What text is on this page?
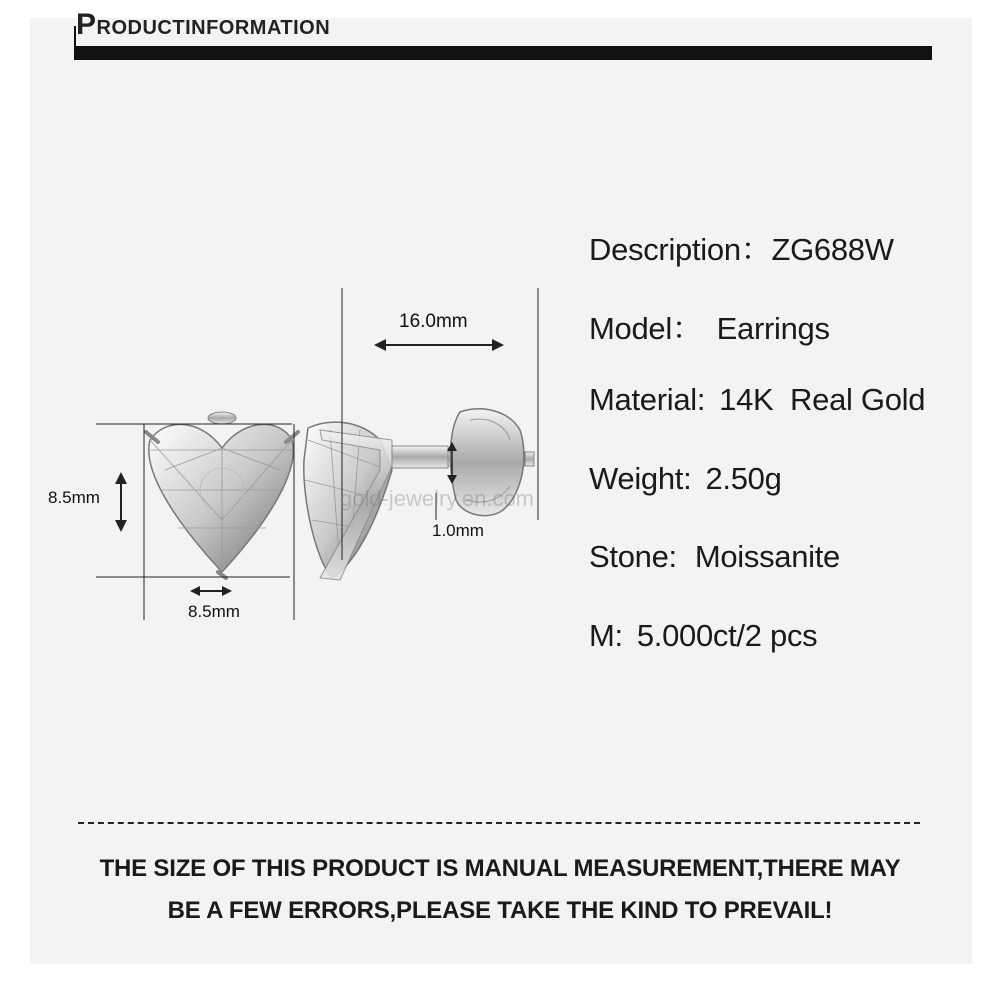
PRODUCTINFORMATION
gold-jewelry.en.com
8.5mm
8.5mm
16.0mm
1.0mm
Description：ZG688W
Model： Earrings
Material: 14K  Real Gold
Weight: 2.50g
Stone: Moissanite
M: 5.000ct/2 pcs
THE SIZE OF THIS PRODUCT IS MANUAL MEASUREMENT,THERE MAY
BE A FEW ERRORS,PLEASE TAKE THE KIND TO PREVAIL!
